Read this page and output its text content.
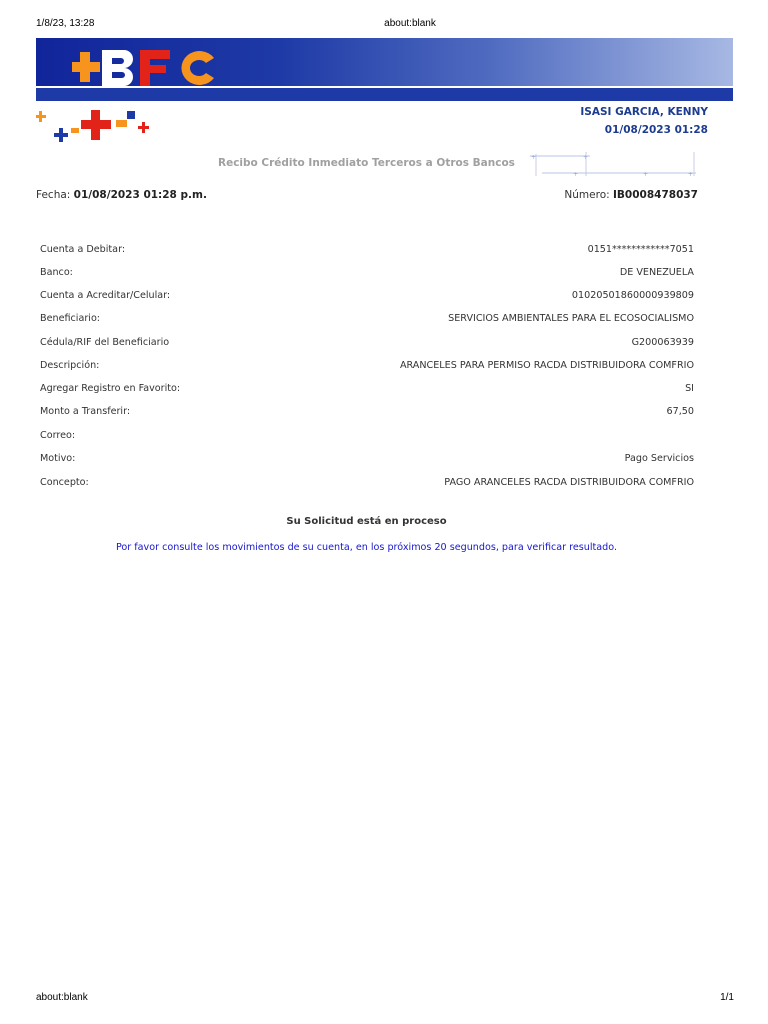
1/8/23, 13:28	about:blank
ISASI GARCIA, KENNY
01/08/2023 01:28
Recibo Crédito Inmediato Terceros a Otros Bancos	+	+
+	+	+
Fecha: 01/08/2023 01:28 p.m.	Número: IB0008478037
Cuenta a Debitar:	0151************7051
Banco:	DE VENEZUELA
Cuenta a Acreditar/Celular:	01020501860000939809
Beneficiario:	SERVICIOS AMBIENTALES PARA EL ECOSOCIALISMO
Cédula/RIF del Beneficiario	G200063939
Descripción:	ARANCELES PARA PERMISO RACDA DISTRIBUIDORA COMFRIO
Agregar Registro en Favorito:	SI
Monto a Transferir:	67,50
Correo:
Motivo:	Pago Servicios
Concepto:	PAGO ARANCELES RACDA DISTRIBUIDORA COMFRIO
Su Solicitud está en proceso
Por favor consulte los movimientos de su cuenta, en los próximos 20 segundos, para verificar resultado.
about:blank	1/1
